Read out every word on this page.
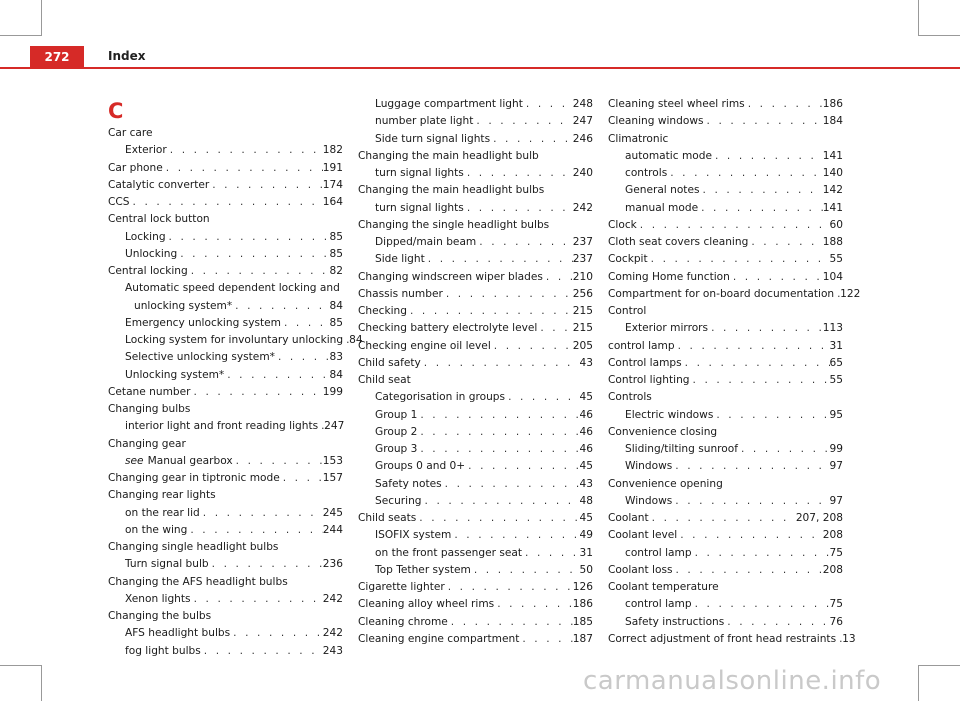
272	Index
C
Car care
Exterior . . .	182
Car phone . . .	191
Catalytic converter . . .	174
CCS . . .	164
Central lock button
Locking . . .	85
Unlocking . . .	85
Central locking . . .	82
Automatic speed dependent locking and
unlocking system* . . .	84
Emergency unlocking system . . .	85
Locking system for involuntary unlocking . . . 84
Selective unlocking system* . . .	83
Unlocking system* . . .	84
Cetane number . . .	199
Changing bulbs
interior light and front reading lights . . . 247
Changing gear
see Manual gearbox . . .	153
Changing gear in tiptronic mode . . .	157
Changing rear lights
on the rear lid . . .	245
on the wing . . .	244
Changing single headlight bulbs
Turn signal bulb . . .	236
Changing the AFS headlight bulbs
Xenon lights . . .	242
Changing the bulbs
AFS headlight bulbs . . .	242
fog light bulbs . . .	243
Luggage compartment light . . .	248
number plate light . . .	247
Side turn signal lights . . .	246
Changing the main headlight bulb
turn signal lights . . .	240
Changing the main headlight bulbs
turn signal lights . . .	242
Changing the single headlight bulbs
Dipped/main beam . . .	237
Side light . . .	237
Changing windscreen wiper blades . . .	210
Chassis number . . .	256
Checking . . .	215
Checking battery electrolyte level . . .	215
Checking engine oil level . . .	205
Child safety . . .	43
Child seat
Categorisation in groups . . .	45
Group 1 . . .	46
Group 2 . . .	46
Group 3 . . .	46
Groups 0 and 0+ . . .	45
Safety notes . . .	43
Securing . . .	48
Child seats . . .	45
ISOFIX system . . .	49
on the front passenger seat . . .	31
Top Tether system . . .	50
Cigarette lighter . . .	126
Cleaning alloy wheel rims . . .	186
Cleaning chrome . . .	185
Cleaning engine compartment . . .	187
Cleaning steel wheel rims . . .	186
Cleaning windows . . .	184
Climatronic
automatic mode . . .	141
controls . . .	140
General notes . . .	142
manual mode . . .	141
Clock . . .	60
Cloth seat covers cleaning . . .	188
Cockpit . . .	55
Coming Home function . . .	104
Compartment for on-board documentation . . . 122
Control
Exterior mirrors . . .	113
control lamp . . .	31
Control lamps . . .	65
Control lighting . . .	55
Controls
Electric windows . . .	95
Convenience closing
Sliding/tilting sunroof . . .	99
Windows . . .	97
Convenience opening
Windows . . .	97
Coolant . . .	207, 208
Coolant level . . .	208
control lamp . . .	75
Coolant loss . . .	208
Coolant temperature
control lamp . . .	75
Safety instructions . . .	76
Correct adjustment of front head restraints . . . 13
carmanualsonline.info
